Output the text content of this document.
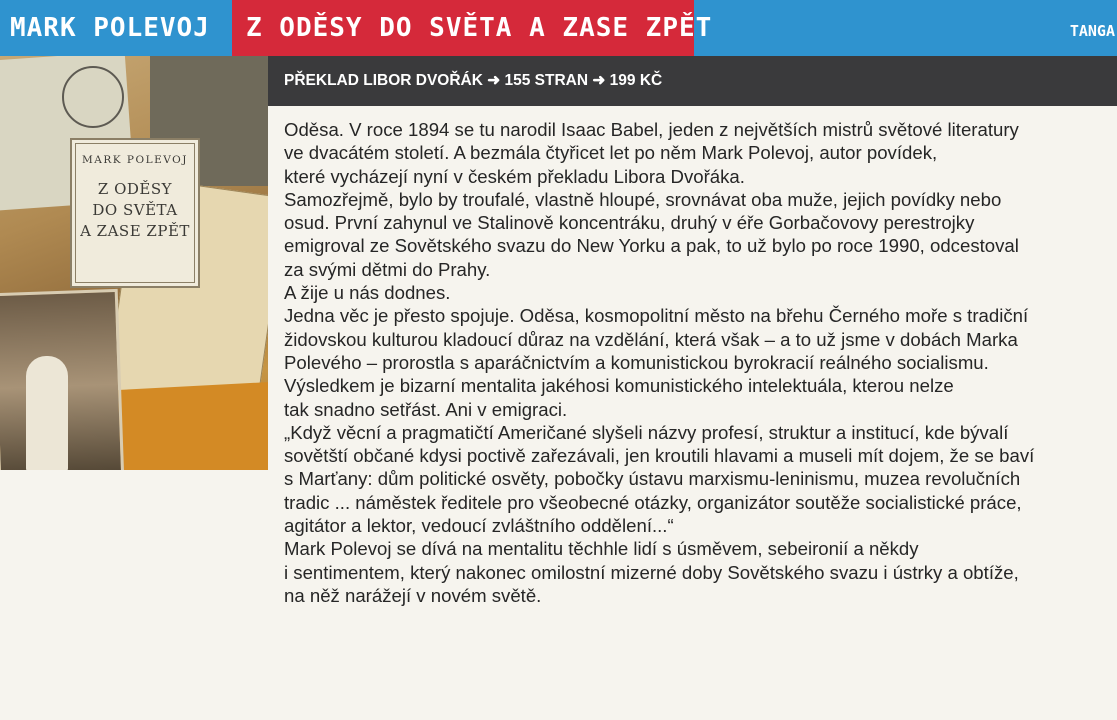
MARK POLEVOJ Z ODĚSY DO SVĚTA A ZASE ZPĚT	TANGA
PŘEKLAD LIBOR DVOŘÁK ➜ 155 STRAN ➜ 199 KČ
MARK POLEVOJ
Z ODĚSY
DO SVĚTA
A ZASE ZPĚT

Oděsa. V roce 1894 se tu narodil Isaac Babel, jeden z největších mistrů světové literatury

ve dvacátém století. A bezmála čtyřicet let po něm Mark Polevoj, autor povídek,

které vycházejí nyní v českém překladu Libora Dvořáka.

Samozřejmě, bylo by troufalé, vlastně hloupé, srovnávat oba muže, jejich povídky nebo

osud. První zahynul ve Stalinově koncentráku, druhý v éře Gorbačovovy perestrojky

emigroval ze Sovětského svazu do New Yorku a pak, to už bylo po roce 1990, odcestoval

za svými dětmi do Prahy.

A žije u nás dodnes.

Jedna věc je přesto spojuje. Oděsa, kosmopolitní město na břehu Černého moře s tradiční

židovskou kulturou kladoucí důraz na vzdělání, která však – a to už jsme v dobách Marka

Polevého – prorostla s aparáčnictvím a komunistickou byrokracií reálného socialismu.

Výsledkem je bizarní mentalita jakéhosi komunistického intelektuála, kterou nelze

tak snadno setřást. Ani v emigraci.

„Když věcní a pragmatičtí Američané slyšeli názvy profesí, struktur a institucí, kde bývalí

sovětští občané kdysi poctivě zařezávali, jen kroutili hlavami a museli mít dojem, že se baví

s Marťany: dům politické osvěty, pobočky ústavu marxismu-leninismu, muzea revolučních

tradic ... náměstek ředitele pro všeobecné otázky, organizátor soutěže socialistické práce,

agitátor a lektor, vedoucí zvláštního oddělení...“

Mark Polevoj se dívá na mentalitu těchhle lidí s úsměvem, sebeironií a někdy

i sentimentem, který nakonec omilostní mizerné doby Sovětského svazu i ústrky a obtíže,

na něž narážejí v novém světě.
